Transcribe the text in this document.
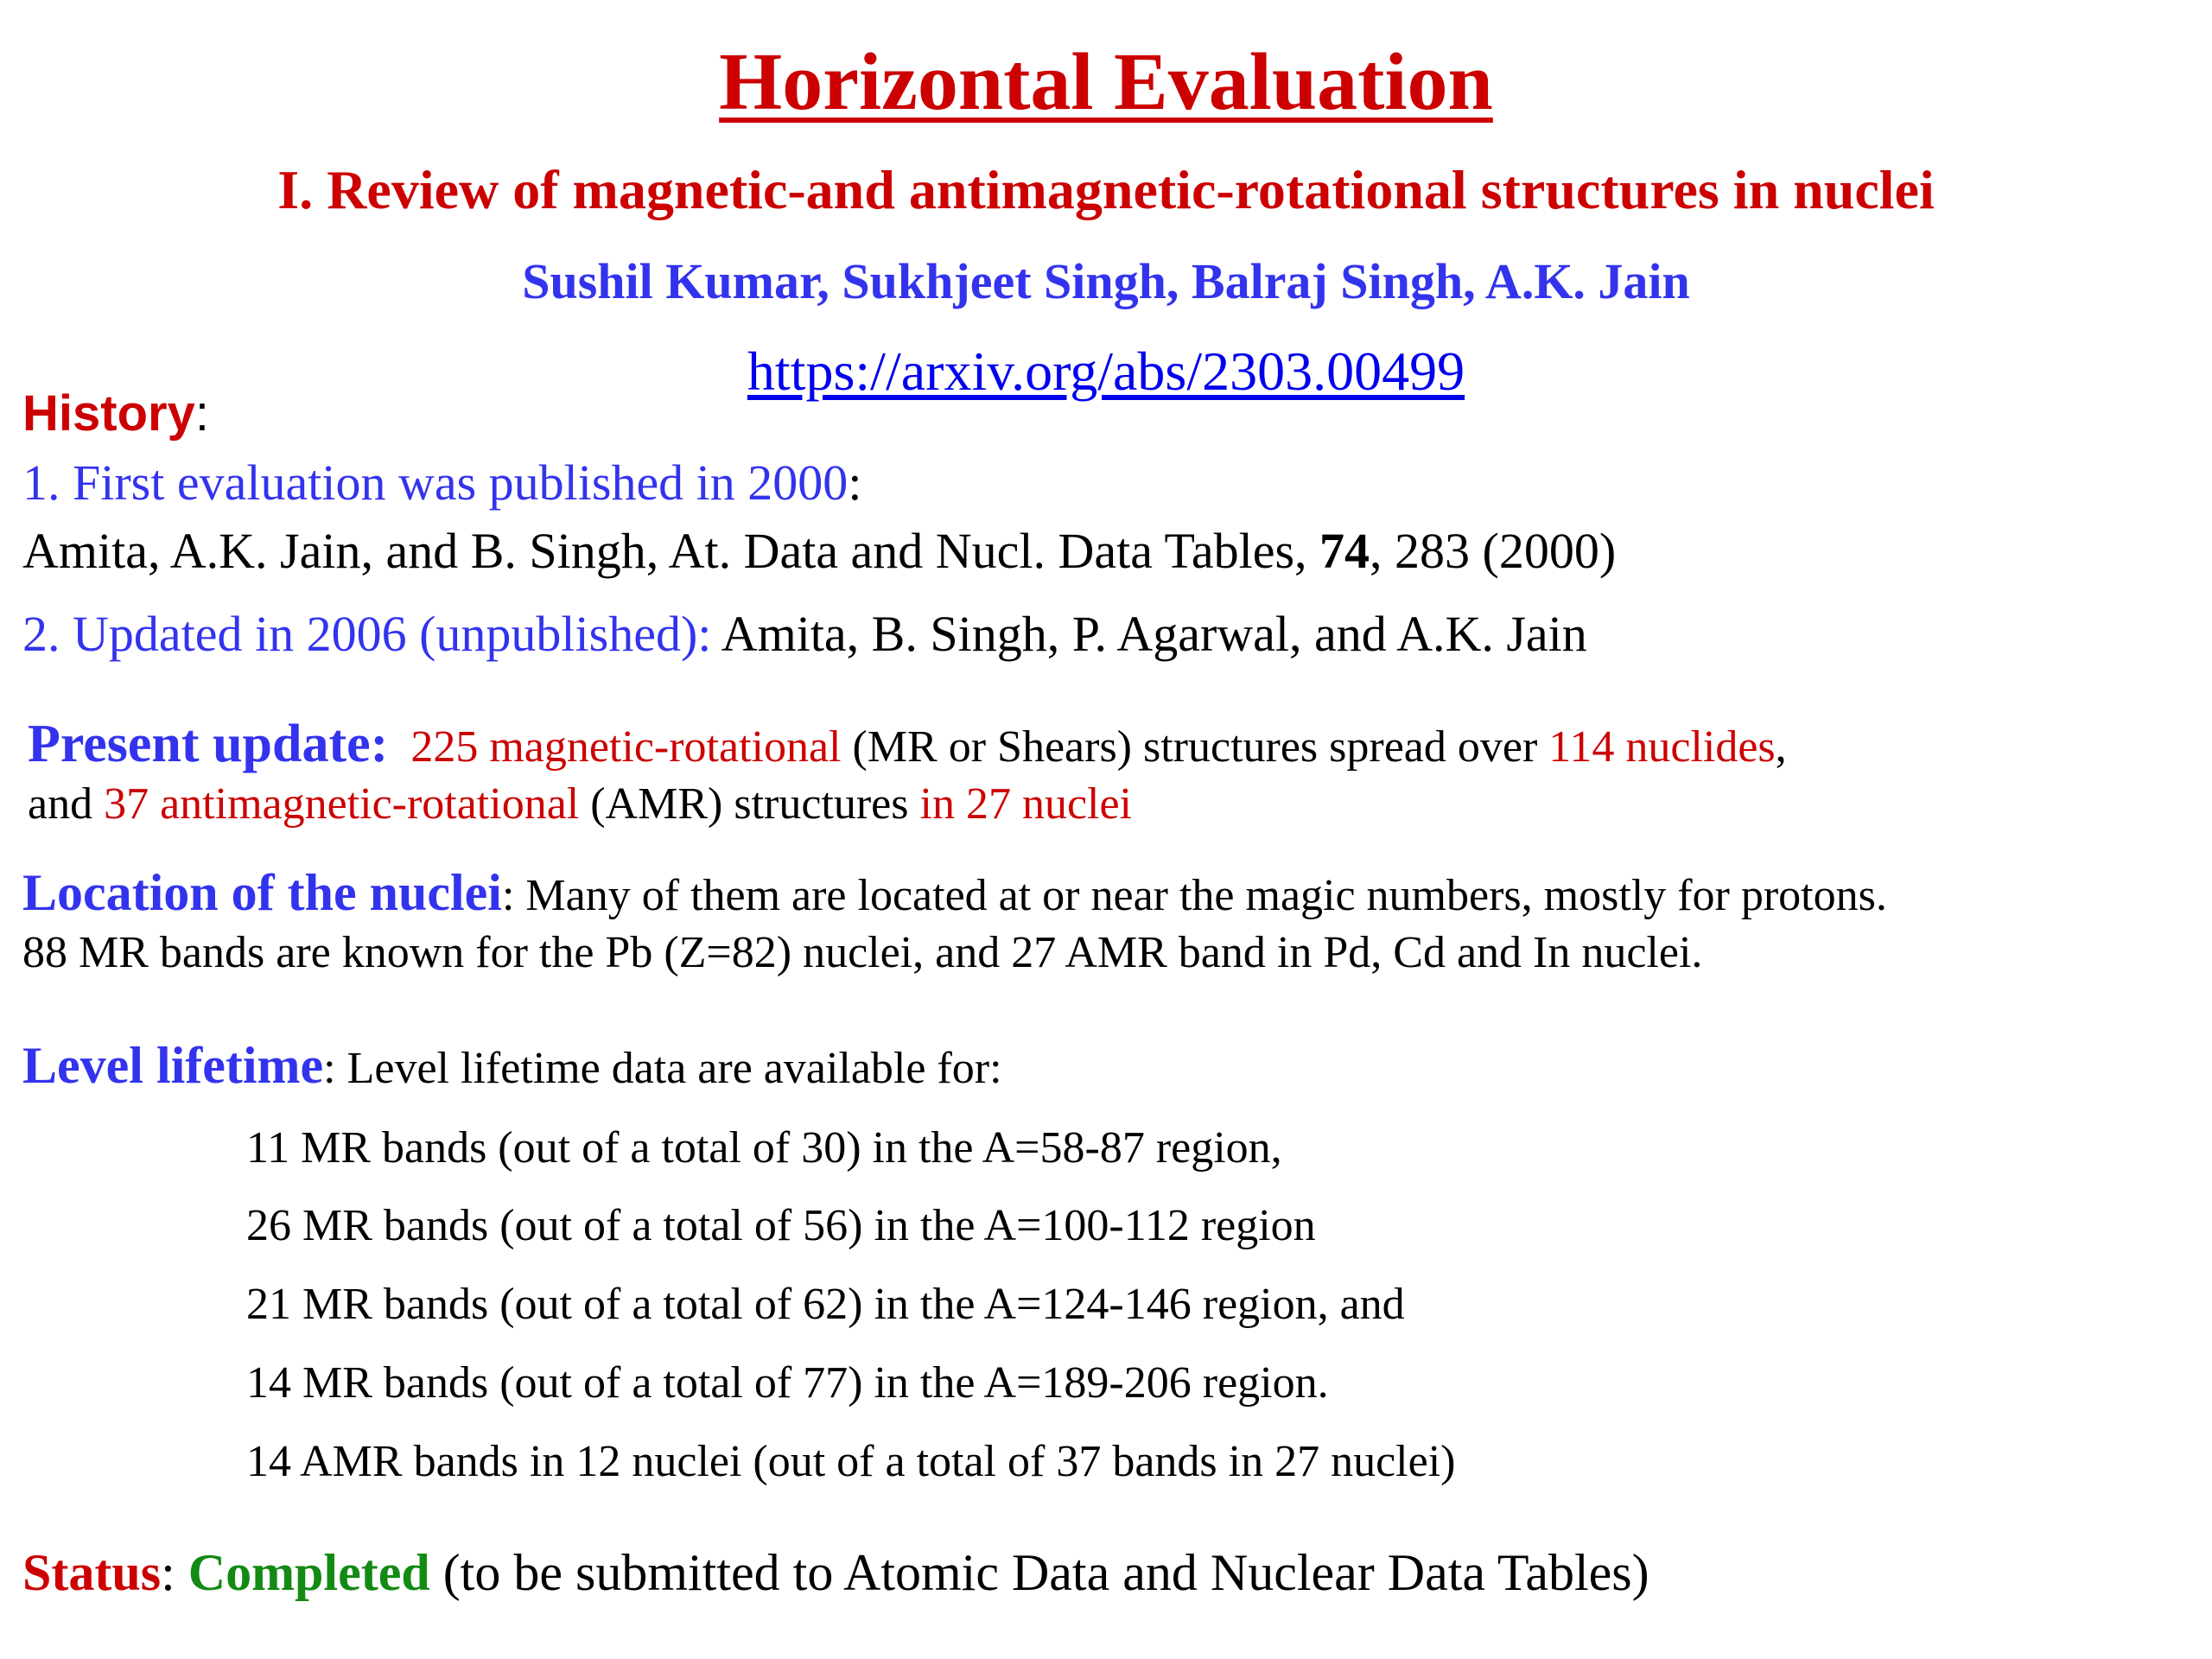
Horizontal Evaluation
I. Review of magnetic-and antimagnetic-rotational structures in nuclei
Sushil Kumar, Sukhjeet Singh, Balraj Singh, A.K. Jain
https://arxiv.org/abs/2303.00499
History:
1. First evaluation was published in 2000:
Amita, A.K. Jain, and B. Singh, At. Data and Nucl. Data Tables, 74, 283 (2000)
2. Updated in 2006 (unpublished): Amita, B. Singh, P. Agarwal, and A.K. Jain
Present update: 225 magnetic-rotational (MR or Shears) structures spread over 114 nuclides,
and 37 antimagnetic-rotational (AMR) structures in 27 nuclei
Location of the nuclei: Many of them are located at or near the magic numbers, mostly for protons.
88 MR bands are known for the Pb (Z=82) nuclei, and 27 AMR band in Pd, Cd and In nuclei.
Level lifetime: Level lifetime data are available for:
11 MR bands (out of a total of 30) in the A=58-87 region,
26 MR bands (out of a total of 56) in the A=100-112 region
21 MR bands (out of a total of 62) in the A=124-146 region, and
14 MR bands (out of a total of 77) in the A=189-206 region.
14 AMR bands in 12 nuclei (out of a total of 37 bands in 27 nuclei)
Status: Completed (to be submitted to Atomic Data and Nuclear Data Tables)
